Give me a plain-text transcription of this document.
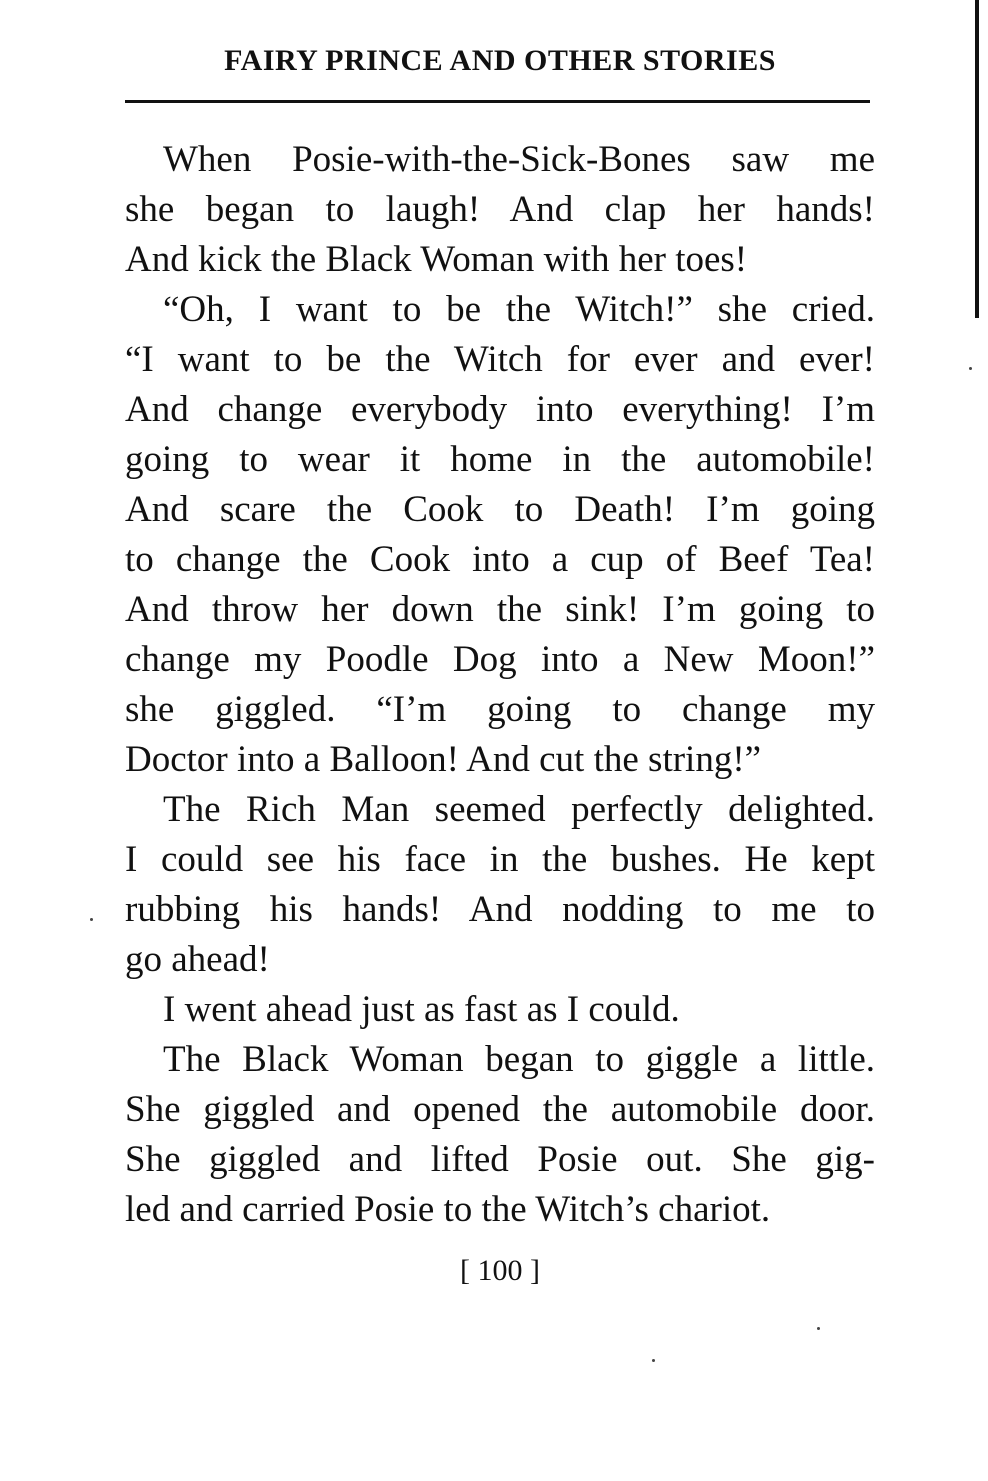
FAIRY PRINCE AND OTHER STORIES
When Posie-with-the-Sick-Bones saw me
she began to laugh! And clap her hands!
And kick the Black Woman with her toes!
“Oh, I want to be the Witch!” she cried.
“I want to be the Witch for ever and ever!
And change everybody into everything! I’m
going to wear it home in the automobile!
And scare the Cook to Death! I’m going
to change the Cook into a cup of Beef Tea!
And throw her down the sink! I’m going to
change my Poodle Dog into a New Moon!”
she giggled. “I’m going to change my
Doctor into a Balloon! And cut the string!”
The Rich Man seemed perfectly delighted.
I could see his face in the bushes. He kept
rubbing his hands! And nodding to me to
go ahead!
I went ahead just as fast as I could.
The Black Woman began to giggle a little.
She giggled and opened the automobile door.
She giggled and lifted Posie out. She gig-
led and carried Posie to the Witch’s chariot.
[ 100 ]
